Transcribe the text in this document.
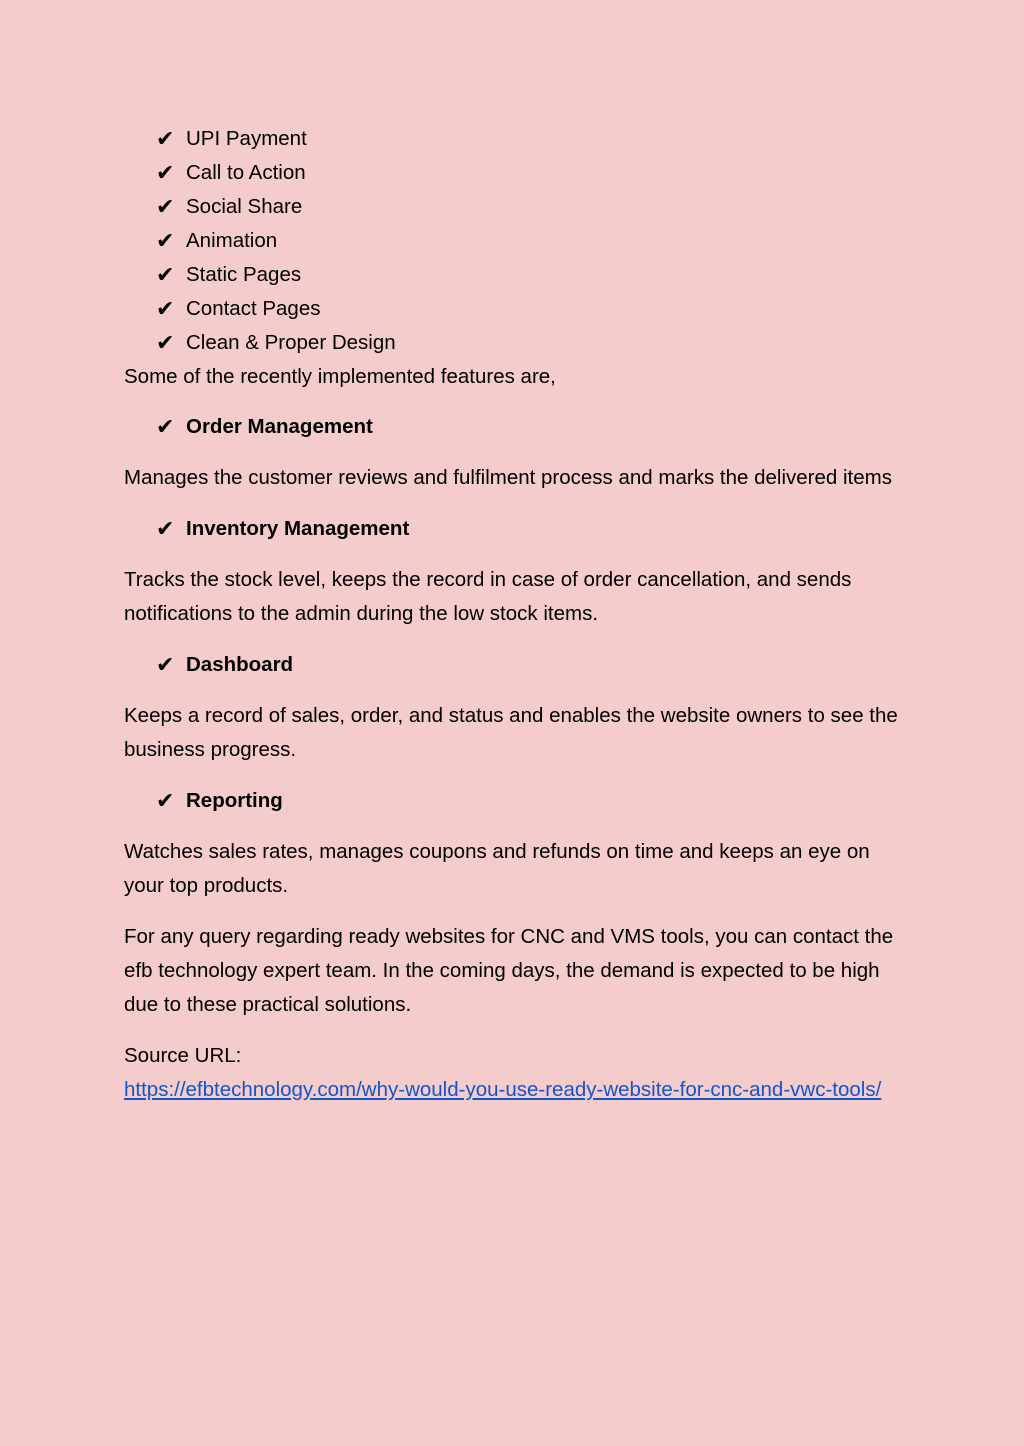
✔ UPI Payment
✔ Call to Action
✔ Social Share
✔ Animation
✔ Static Pages
✔ Contact Pages
✔ Clean & Proper Design

Some of the recently implemented features are,

✔ Order Management

Manages the customer reviews and fulfilment process and marks the delivered items

✔ Inventory Management

Tracks the stock level, keeps the record in case of order cancellation, and sends notifications to the admin during the low stock items.

✔ Dashboard

Keeps a record of sales, order, and status and enables the website owners to see the business progress.

✔ Reporting

Watches sales rates, manages coupons and refunds on time and keeps an eye on your top products.

For any query regarding ready websites for CNC and VMS tools, you can contact the efb technology expert team. In the coming days, the demand is expected to be high due to these practical solutions.

Source URL:

https://efbtechnology.com/why-would-you-use-ready-website-for-cnc-and-vwc-tools/
